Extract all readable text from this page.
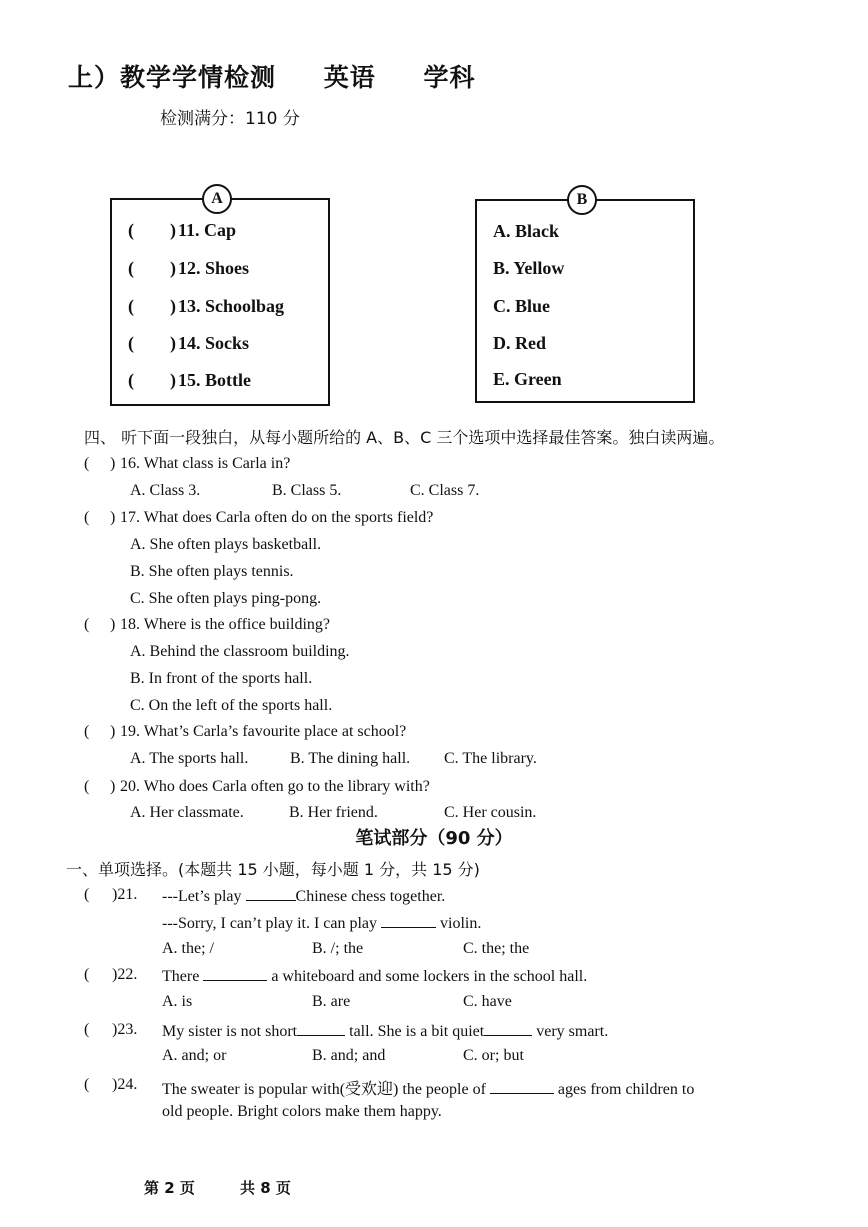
上）教学学情检测 英语 学科
检测满分：110 分
A
( ) 11. Cap
( ) 12. Shoes
( ) 13. Schoolbag
( ) 14. Socks
( ) 15. Bottle
B
A. Black
B. Yellow
C. Blue
D. Red
E. Green
四、 听下面一段独白，从每小题所给的 A、B、C 三个选项中选择最佳答案。独白读两遍。
( ) 16. What class is Carla in?
A. Class 3.	B. Class 5.	C. Class 7.
( ) 17. What does Carla often do on the sports field?
A. She often plays basketball.
B. She often plays tennis.
C. She often plays ping-pong.
( ) 18. Where is the office building?
A. Behind the classroom building.
B. In front of the sports hall.
C. On the left of the sports hall.
( ) 19. What’s Carla’s favourite place at school?
A. The sports hall.	B. The dining hall. C. The library.
( ) 20. Who does Carla often go to the library with?
A. Her classmate.	B. Her friend.	C. Her cousin.
笔试部分（90 分）
一、单项选择。(本题共 15 小题，每小题 1 分，共 15 分)
( )21. ---Let’s play	Chinese chess together.
---Sorry, I can’t play it. I can play	violin.
A. the; /	B. /; the	C. the; the
( )22. There	a whiteboard and some lockers in the school hall.
A. is	B. are	C. have
( )23. My sister is not short	tall. She is a bit quiet	very smart.
A. and; or	B. and; and	C. or; but
( )24. The sweater is popular with(受欢迎) the people of	ages from children to
old people. Bright colors make them happy.
第 2 页	共 8 页
